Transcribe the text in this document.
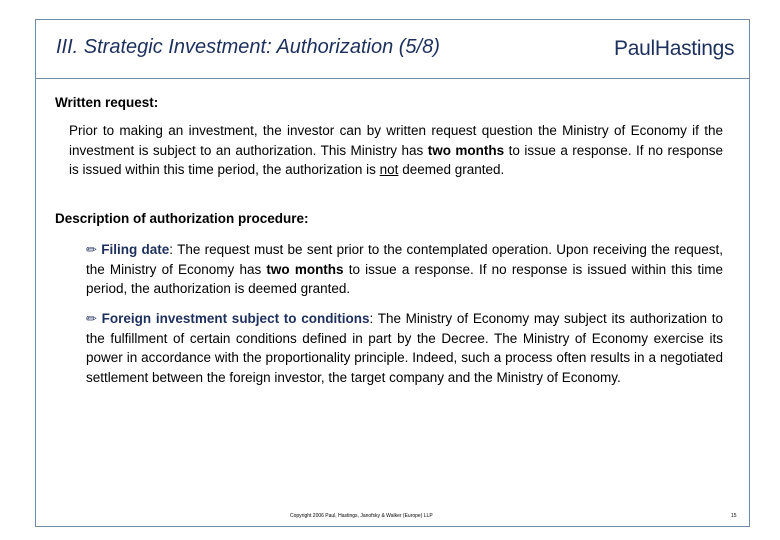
III. Strategic Investment: Authorization (5/8)	PaulHastings
Written request:
Prior to making an investment, the investor can by written request question the Ministry of Economy if the investment is subject to an authorization. This Ministry has two months to issue a response. If no response is issued within this time period, the authorization is not deemed granted.
Description of authorization procedure:
✏ Filing date: The request must be sent prior to the contemplated operation. Upon receiving the request, the Ministry of Economy has two months to issue a response. If no response is issued within this time period, the authorization is deemed granted.
✏ Foreign investment subject to conditions: The Ministry of Economy may subject its authorization to the fulfillment of certain conditions defined in part by the Decree. The Ministry of Economy exercise its power in accordance with the proportionality principle. Indeed, such a process often results in a negotiated settlement between the foreign investor, the target company and the Ministry of Economy.
Copyright 2006 Paul, Hastings, Janofsky & Walker (Europe) LLP	15
